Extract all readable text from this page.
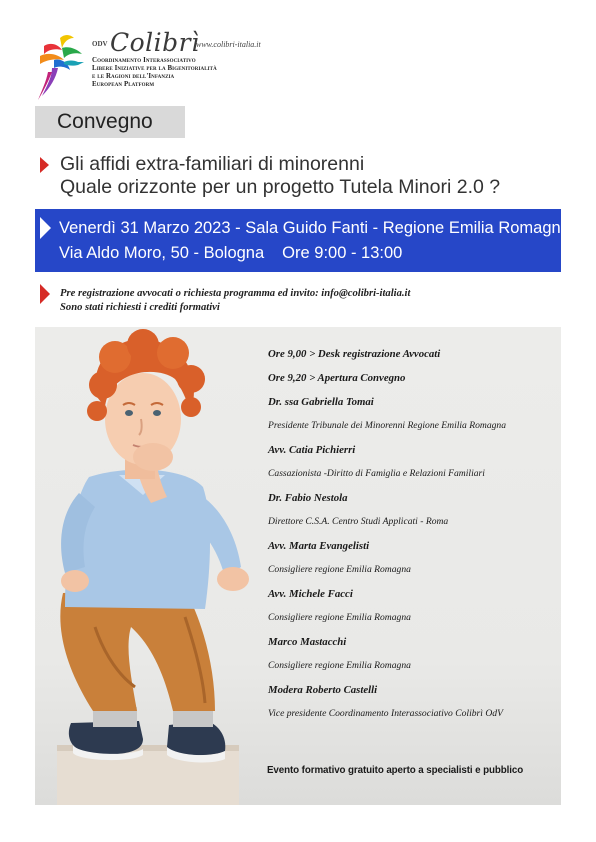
ODV Colibrì
www.colibri-italia.it
Coordinamento Interassociativo
Libere Iniziative per la Bigenitorialità
e le Ragioni dell'Infanzia
European Platform
Convegno
Gli affidi extra-familiari di minorenni
Quale orizzonte per un progetto Tutela Minori 2.0 ?
Venerdì 31 Marzo 2023 - Sala Guido Fanti - Regione Emilia Romagna
Via Aldo Moro, 50 - Bologna Ore 9:00 - 13:00
Pre registrazione avvocati o richiesta programma ed invito: info@colibri-italia.it
Sono stati richiesti i crediti formativi
Ore 9,00 > Desk registrazione Avvocati
Ore 9,20 > Apertura Convegno
Dr. ssa Gabriella Tomai
Presidente Tribunale dei Minorenni Regione Emilia Romagna
Avv. Catia Pichierri
Cassazionista -Diritto di Famiglia e Relazioni Familiari
Dr. Fabio Nestola
Direttore C.S.A. Centro Studi Applicati - Roma
Avv. Marta Evangelisti
Consigliere regione Emilia Romagna
Avv. Michele Facci
Consigliere regione Emilia Romagna
Marco Mastacchi
Consigliere regione Emilia Romagna
Modera Roberto Castelli
Vice presidente Coordinamento Interassociativo Colibrì OdV
Evento formativo gratuito aperto a specialisti e pubblico
